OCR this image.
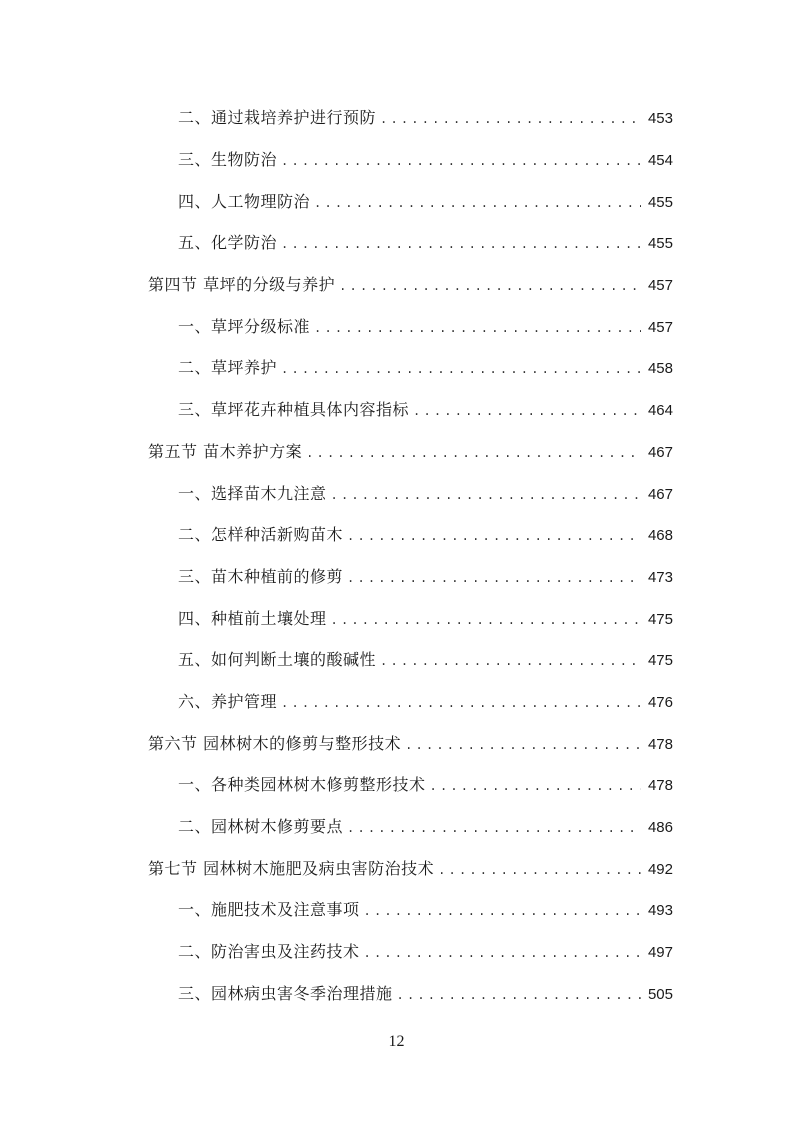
二、通过栽培养护进行预防 .....	453
三、生物防治 .....	454
四、人工物理防治 .....	455
五、化学防治 .....	455
第四节 草坪的分级与养护 .....	457
一、草坪分级标准 .....	457
二、草坪养护 .....	458
三、草坪花卉种植具体内容指标 .....	464
第五节 苗木养护方案 .....	467
一、选择苗木九注意 .....	467
二、怎样种活新购苗木 .....	468
三、苗木种植前的修剪 .....	473
四、种植前土壤处理 .....	475
五、如何判断土壤的酸碱性 .....	475
六、养护管理 .....	476
第六节 园林树木的修剪与整形技术 .....	478
一、各种类园林树木修剪整形技术 .....	478
二、园林树木修剪要点 .....	486
第七节 园林树木施肥及病虫害防治技术 .....	492
一、施肥技术及注意事项 .....	493
二、防治害虫及注药技术 .....	497
三、园林病虫害冬季治理措施 .....	505
12
